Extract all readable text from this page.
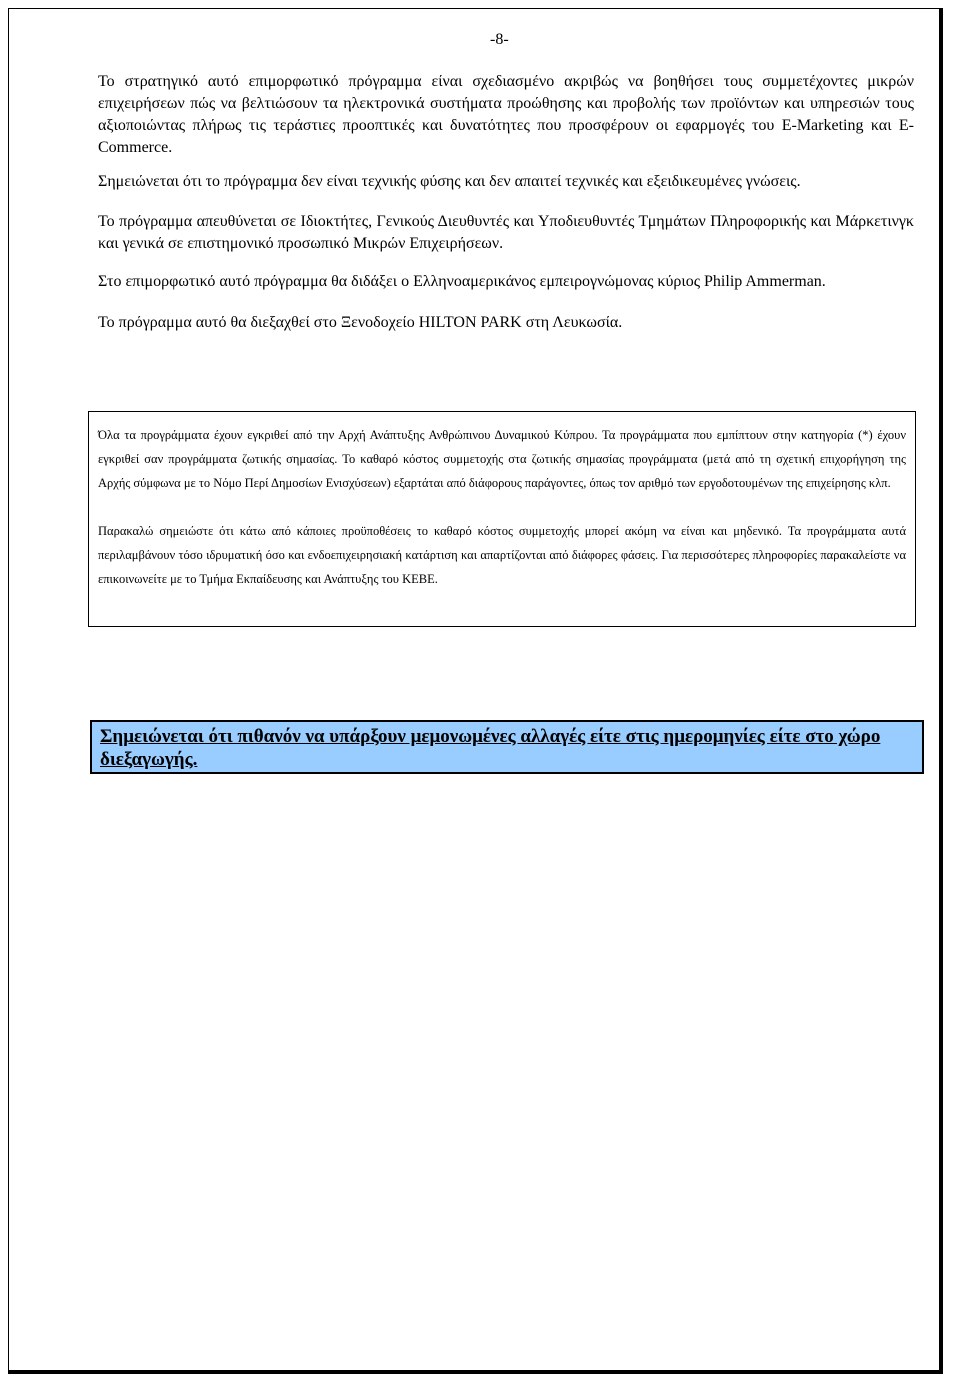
-8-

Το στρατηγικό αυτό επιμορφωτικό πρόγραμμα είναι σχεδιασμένο ακριβώς να βοηθήσει τους συμμετέχοντες μικρών επιχειρήσεων πώς να βελτιώσουν τα ηλεκτρονικά συστήματα προώθησης και προβολής των προϊόντων και υπηρεσιών τους αξιοποιώντας πλήρως τις τεράστιες προοπτικές και δυνατότητες που προσφέρουν οι εφαρμογές του E-Marketing και E-Commerce.

Σημειώνεται ότι το πρόγραμμα δεν είναι τεχνικής φύσης και δεν απαιτεί τεχνικές και εξειδικευμένες γνώσεις.

Το πρόγραμμα απευθύνεται σε Ιδιοκτήτες, Γενικούς Διευθυντές και Υποδιευθυντές Τμημάτων Πληροφορικής και Μάρκετινγκ και γενικά σε επιστημονικό προσωπικό Μικρών Επιχειρήσεων.

Στο επιμορφωτικό αυτό πρόγραμμα θα διδάξει ο Ελληνοαμερικάνος εμπειρογνώμονας κύριος Philip Ammerman.

Το πρόγραμμα αυτό θα διεξαχθεί στο Ξενοδοχείο HILTON PARK στη Λευκωσία.

Όλα τα προγράμματα έχουν εγκριθεί από την Αρχή Ανάπτυξης Ανθρώπινου Δυναμικού Κύπρου. Τα προγράμματα που εμπίπτουν στην κατηγορία (*) έχουν εγκριθεί σαν προγράμματα ζωτικής σημασίας. Το καθαρό κόστος συμμετοχής στα ζωτικής σημασίας προγράμματα (μετά από τη σχετική επιχορήγηση της Αρχής σύμφωνα με το Νόμο Περί Δημοσίων Ενισχύσεων) εξαρτάται από διάφορους παράγοντες, όπως τον αριθμό των εργοδοτουμένων της επιχείρησης κλπ.

Παρακαλώ σημειώστε ότι κάτω από κάποιες προϋποθέσεις το καθαρό κόστος συμμετοχής μπορεί ακόμη να είναι και μηδενικό. Τα προγράμματα αυτά περιλαμβάνουν τόσο ιδρυματική όσο και ενδοεπιχειρησιακή κατάρτιση και απαρτίζονται από διάφορες φάσεις. Για περισσότερες πληροφορίες παρακαλείστε να επικοινωνείτε με το Τμήμα Εκπαίδευσης και Ανάπτυξης του ΚΕΒΕ.

Σημειώνεται ότι πιθανόν να υπάρξουν μεμονωμένες αλλαγές είτε στις ημερομηνίες είτε στο χώρο διεξαγωγής.
